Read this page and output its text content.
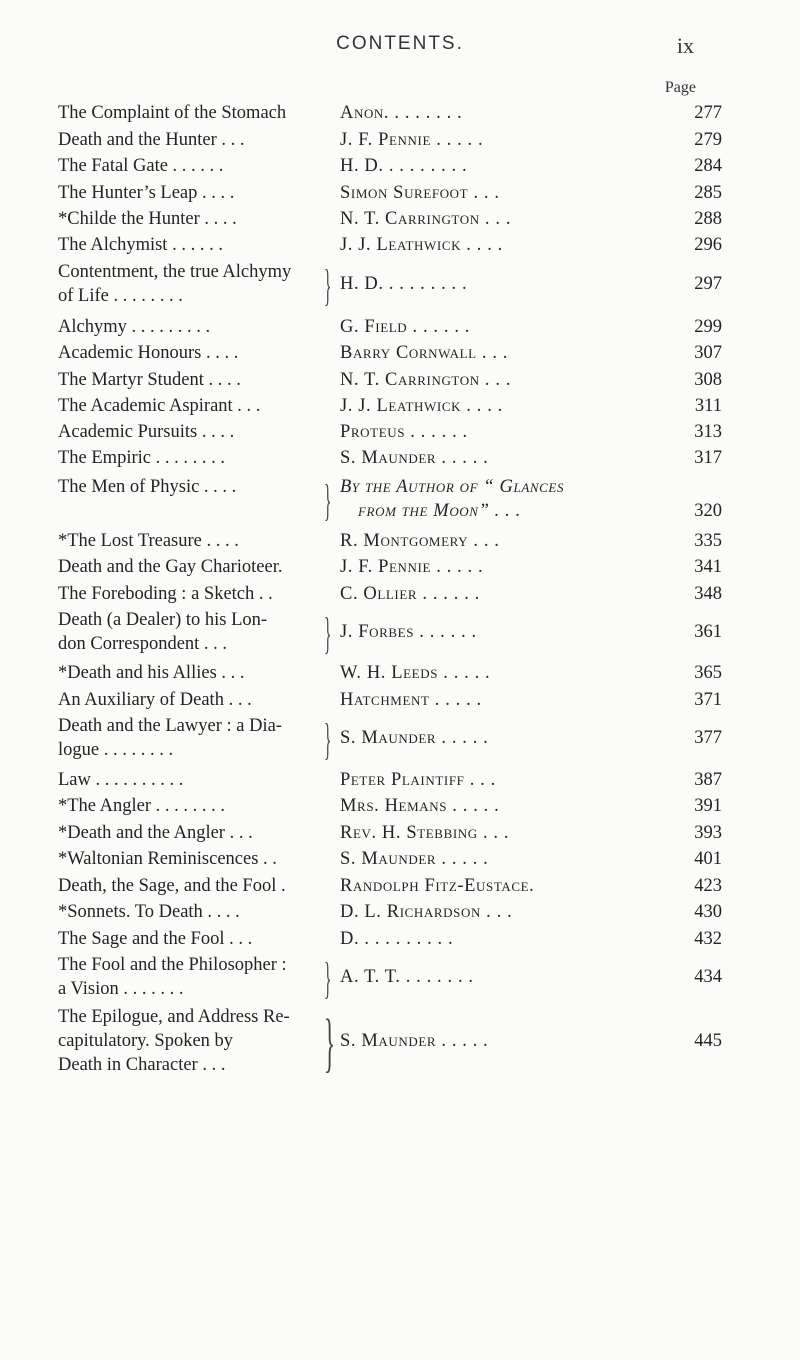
CONTENTS.	ix
Page
The Complaint of the Stomach	Anon. . . . . . . .	277
Death and the Hunter . . .	J. F. Pennie . . . . .	279
The Fatal Gate . . . . . .	H. D. . . . . . . . .	284
The Hunter’s Leap . . . .	Simon Surefoot . . .	285
*Childe the Hunter . . . .	N. T. Carrington . . .	288
The Alchymist . . . . . .	J. J. Leathwick . . . .	296
Contentment, the true Alchymy
of Life . . . . . . . .	} H. D. . . . . . . . .	297
Alchymy . . . . . . . . .	G. Field . . . . . .	299
Academic Honours . . . .	Barry Cornwall . . .	307
The Martyr Student . . . .	N. T. Carrington . . .	308
The Academic Aspirant . . .	J. J. Leathwick . . . .	311
Academic Pursuits . . . .	Proteus . . . . . .	313
The Empiric . . . . . . . .	S. Maunder . . . . .	317
The Men of Physic . . . .	} By the Author of “ Glances
from the Moon” . . .	320
*The Lost Treasure . . . .	R. Montgomery . . .	335
Death and the Gay Charioteer.	J. F. Pennie . . . . .	341
The Foreboding : a Sketch . .	C. Ollier . . . . . .	348
Death (a Dealer) to his Lon-
don Correspondent . . .	} J. Forbes . . . . . .	361
*Death and his Allies . . .	W. H. Leeds . . . . .	365
An Auxiliary of Death . . .	Hatchment . . . . .	371
Death and the Lawyer : a Dia-
logue . . . . . . . .	} S. Maunder . . . . .	377
Law . . . . . . . . . .	Peter Plaintiff . . .	387
*The Angler . . . . . . . .	Mrs. Hemans . . . . .	391
*Death and the Angler . . .	Rev. H. Stebbing . . .	393
*Waltonian Reminiscences . .	S. Maunder . . . . .	401
Death, the Sage, and the Fool .	Randolph Fitz-Eustace.	423
*Sonnets. To Death . . . .	D. L. Richardson . . .	430
The Sage and the Fool . . .	D. . . . . . . . . .	432
The Fool and the Philosopher :
a Vision . . . . . . .	} A. T. T. . . . . . . .	434
The Epilogue, and Address Re-
capitulatory. Spoken by
Death in Character . . .	} S. Maunder . . . . .	445
